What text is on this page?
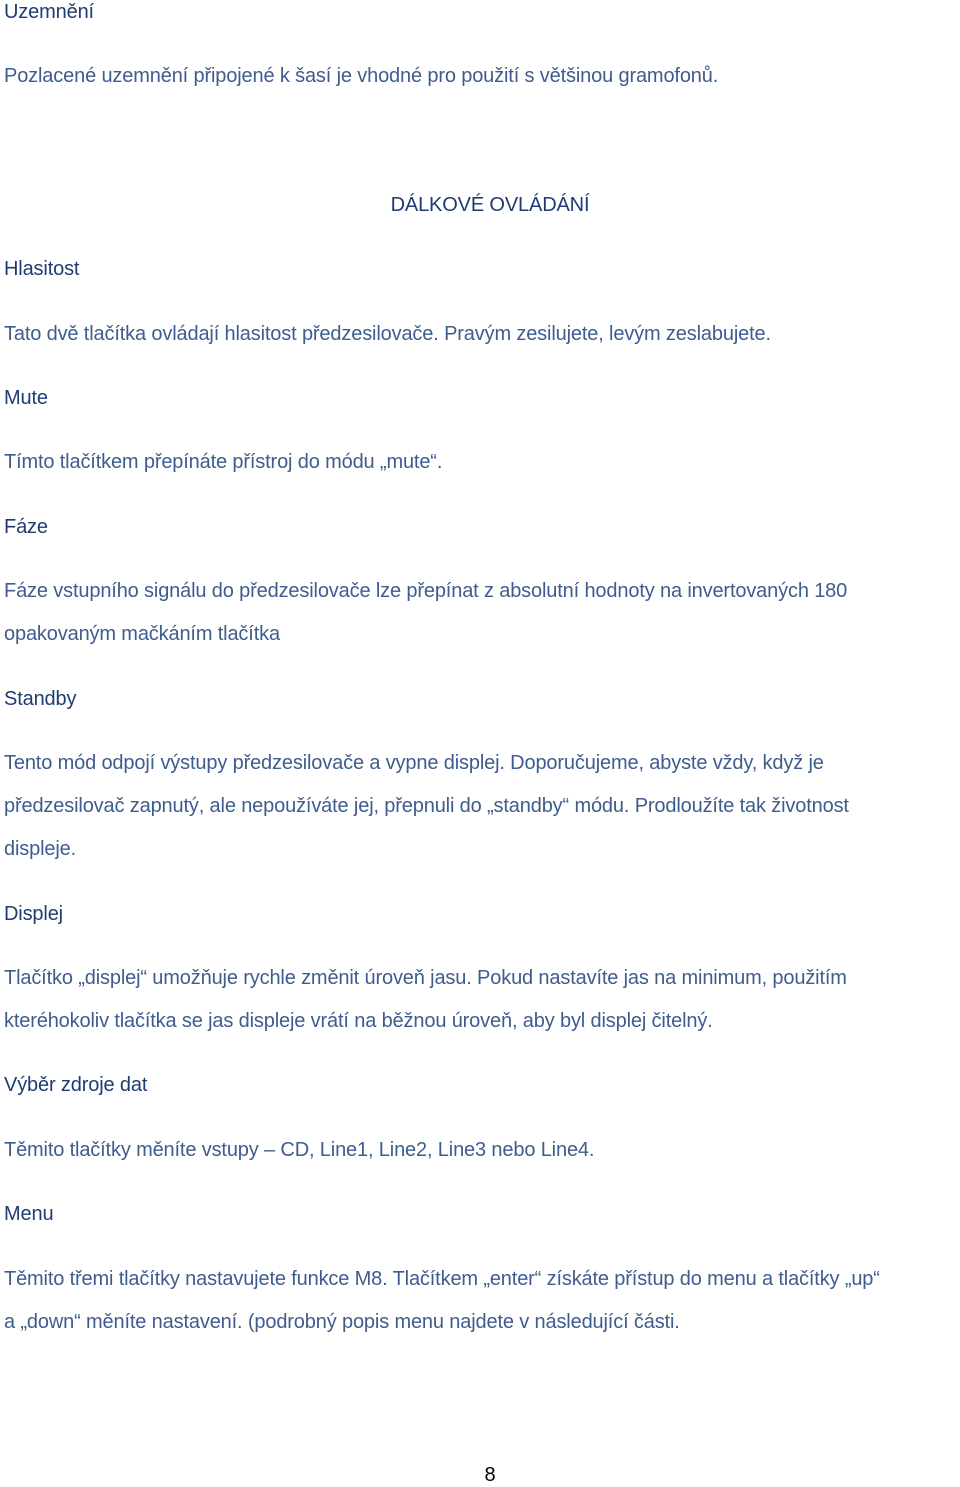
Uzemnění

Pozlacené uzemnění připojené k šasí je vhodné pro použití s většinou gramofonů.

DÁLKOVÉ OVLÁDÁNÍ

Hlasitost

Tato dvě tlačítka ovládají hlasitost předzesilovače. Pravým zesilujete, levým zeslabujete.

Mute

Tímto tlačítkem přepínáte přístroj do módu „mute“.

Fáze

Fáze vstupního signálu do předzesilovače lze přepínat z absolutní hodnoty na invertovaných 180

opakovaným mačkáním tlačítka

Standby

Tento mód odpojí výstupy předzesilovače a vypne displej. Doporučujeme, abyste vždy, když je

předzesilovač zapnutý, ale nepoužíváte jej, přepnuli do „standby“ módu. Prodloužíte tak životnost

displeje.

Displej

Tlačítko „displej“ umožňuje rychle změnit úroveň jasu. Pokud nastavíte jas na minimum, použitím

kteréhokoliv tlačítka se jas displeje vrátí na běžnou úroveň, aby byl displej čitelný.

Výběr zdroje dat

Těmito tlačítky měníte vstupy – CD, Line1, Line2, Line3 nebo Line4.

Menu

Těmito třemi tlačítky nastavujete funkce M8. Tlačítkem „enter“ získáte přístup do menu a tlačítky „up“

a „down“ měníte nastavení. (podrobný popis menu najdete v následující části.

8
